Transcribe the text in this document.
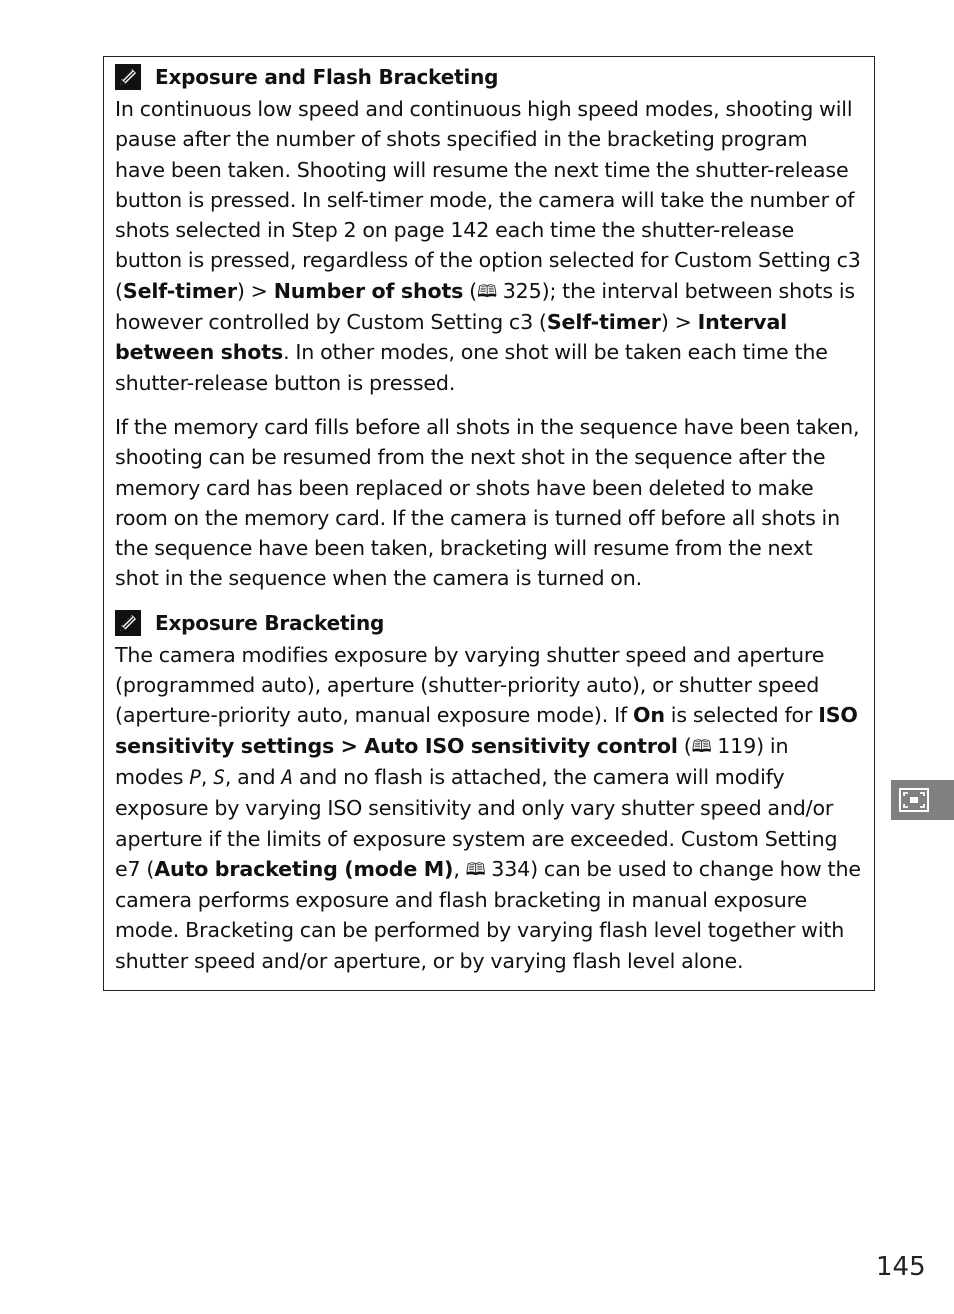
Exposure and Flash Bracketing

In continuous low speed and continuous high speed modes, shooting will pause after the number of shots specified in the bracketing program have been taken. Shooting will resume the next time the shutter-release button is pressed. In self-timer mode, the camera will take the number of shots selected in Step 2 on page 142 each time the shutter-release button is pressed, regardless of the option selected for Custom Setting c3 (Self-timer) > Number of shots (🕮 325); the interval between shots is however controlled by Custom Setting c3 (Self-timer) > Interval between shots. In other modes, one shot will be taken each time the shutter-release button is pressed.

If the memory card fills before all shots in the sequence have been taken, shooting can be resumed from the next shot in the sequence after the memory card has been replaced or shots have been deleted to make room on the memory card. If the camera is turned off before all shots in the sequence have been taken, bracketing will resume from the next shot in the sequence when the camera is turned on.

Exposure Bracketing

The camera modifies exposure by varying shutter speed and aperture (programmed auto), aperture (shutter-priority auto), or shutter speed (aperture-priority auto, manual exposure mode). If On is selected for ISO sensitivity settings > Auto ISO sensitivity control (🕮 119) in modes P, S, and A and no flash is attached, the camera will modify exposure by varying ISO sensitivity and only vary shutter speed and/or aperture if the limits of exposure system are exceeded. Custom Setting e7 (Auto bracketing (mode M), 🕮 334) can be used to change how the camera performs exposure and flash bracketing in manual exposure mode. Bracketing can be performed by varying flash level together with shutter speed and/or aperture, or by varying flash level alone.

145
